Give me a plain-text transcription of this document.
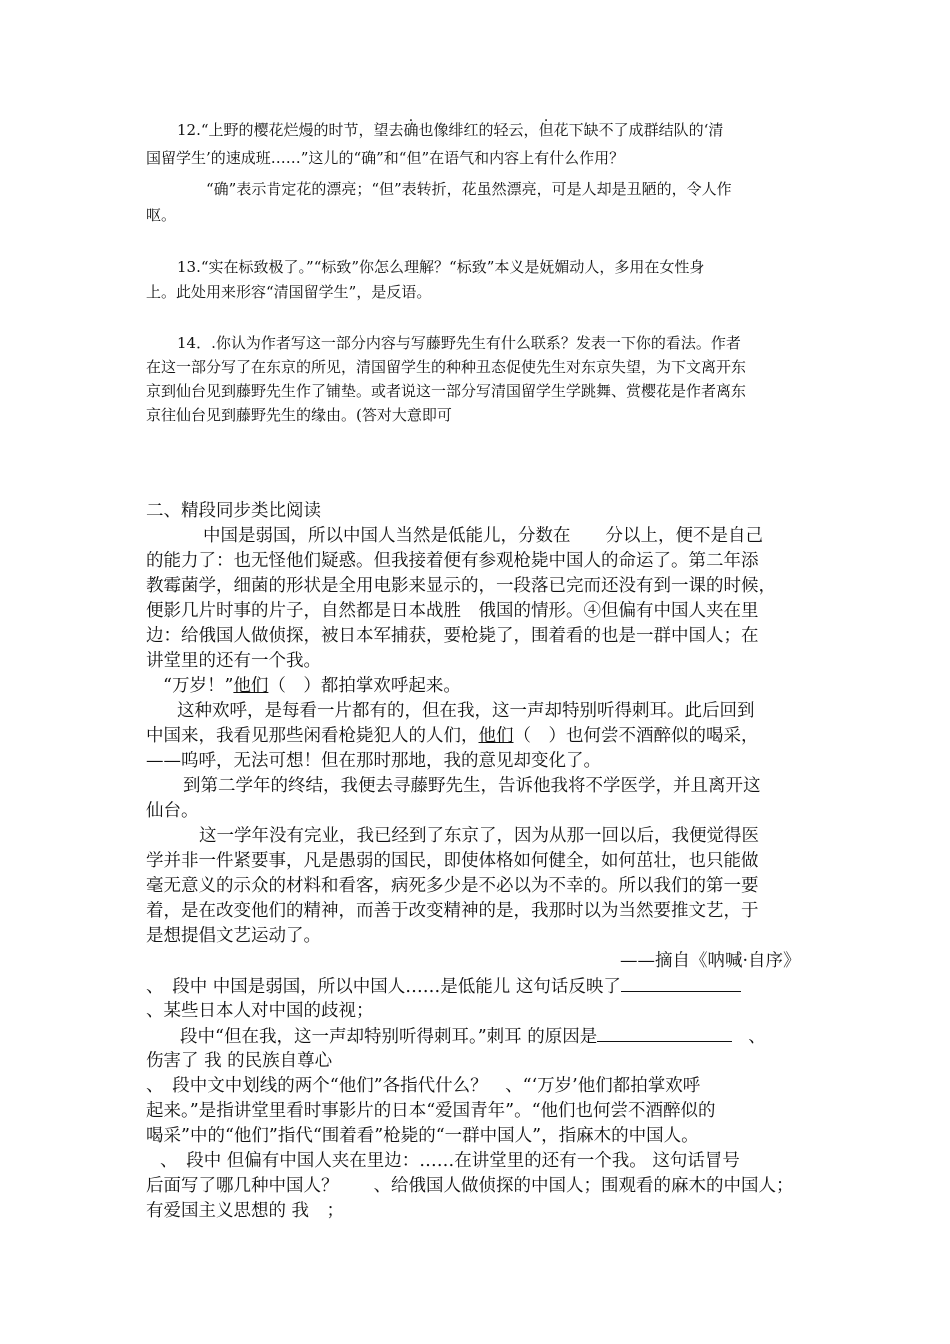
12.“上野的樱花烂熳的时节，望去确也像绯红的轻云，但花下缺不了成群结队的‘清
国留学生’的速成班……”这儿的“确”和“但”在语气和内容上有什么作用？
“确”表示肯定花的漂亮；“但”表转折，花虽然漂亮，可是人却是丑陋的，令人作
呕。
13.“实在标致极了。”“标致”你怎么理解？“标致”本义是妩媚动人，多用在女性身
上。此处用来形容“清国留学生”，是反语。
14．.你认为作者写这一部分内容与写藤野先生有什么联系？发表一下你的看法。作者
在这一部分写了在东京的所见，清国留学生的种种丑态促使先生对东京失望，为下文离开东
京到仙台见到藤野先生作了铺垫。或者说这一部分写清国留学生学跳舞、赏樱花是作者离东
京往仙台见到藤野先生的缘由。(答对大意即可
二、精段同步类比阅读
中国是弱国，所以中国人当然是低能儿，分数在　　分以上，便不是自己
的能力了：也无怪他们疑惑。但我接着便有参观枪毙中国人的命运了。第二年添
教霉菌学，细菌的形状是全用电影来显示的，一段落已完而还没有到一课的时候，
便影几片时事的片子，自然都是日本战胜　俄国的情形。④但偏有中国人夹在里
边：给俄国人做侦探，被日本军捕获，要枪毙了，围着看的也是一群中国人；在
讲堂里的还有一个我。
“万岁！”他们（　）都拍掌欢呼起来。
这种欢呼，是每看一片都有的，但在我，这一声却特别听得刺耳。此后回到
中国来，我看见那些闲看枪毙犯人的人们，他们（　）也何尝不酒醉似的喝采，
——呜呼，无法可想！但在那时那地，我的意见却变化了。
到第二学年的终结，我便去寻藤野先生，告诉他我将不学医学，并且离开这
仙台。
这一学年没有完业，我已经到了东京了，因为从那一回以后，我便觉得医
学并非一件紧要事，凡是愚弱的国民，即使体格如何健全，如何茁壮，也只能做
毫无意义的示众的材料和看客，病死多少是不必以为不幸的。所以我们的第一要
着，是在改变他们的精神，而善于改变精神的是，我那时以为当然要推文艺，于
是想提倡文艺运动了。
——摘自《呐喊·自序》
、　段中 中国是弱国，所以中国人……是低能儿 这句话反映了
、某些日本人对中国的歧视；
段中“但在我，这一声却特别听得刺耳。”刺耳 的原因是	、
伤害了 我 的民族自尊心
、　段中文中划线的两个“他们”各指代什么？　、“‘万岁’他们都拍掌欢呼
起来。”是指讲堂里看时事影片的日本“爱国青年”。“他们也何尝不酒醉似的
喝采”中的“他们”指代“围着看”枪毙的“一群中国人”，指麻木的中国人。
、　段中 但偏有中国人夹在里边：……在讲堂里的还有一个我。 这句话冒号
后面写了哪几种中国人？　　、给俄国人做侦探的中国人；围观看的麻木的中国人；
有爱国主义思想的 我　；
